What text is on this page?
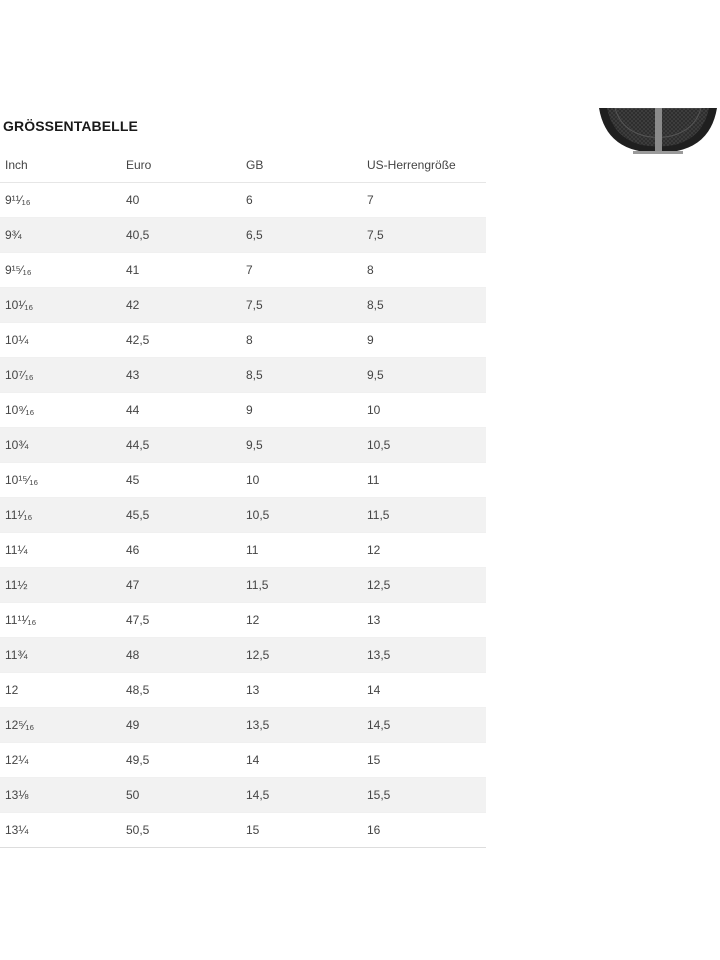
GRÖSSENTABELLE
Inch	Euro	GB	US-Herrengröße
9¹¹⁄₁₆	40	6	7
9¾	40,5	6,5	7,5
9¹⁵⁄₁₆	41	7	8
10¹⁄₁₆	42	7,5	8,5
10¼	42,5	8	9
10⁷⁄₁₆	43	8,5	9,5
10⁹⁄₁₆	44	9	10
10¾	44,5	9,5	10,5
10¹⁵⁄₁₆	45	10	11
11¹⁄₁₆	45,5	10,5	11,5
11¼	46	11	12
11½	47	11,5	12,5
11¹¹⁄₁₆	47,5	12	13
11¾	48	12,5	13,5
12	48,5	13	14
12⁵⁄₁₆	49	13,5	14,5
12¼	49,5	14	15
13⅛	50	14,5	15,5
13¼	50,5	15	16
